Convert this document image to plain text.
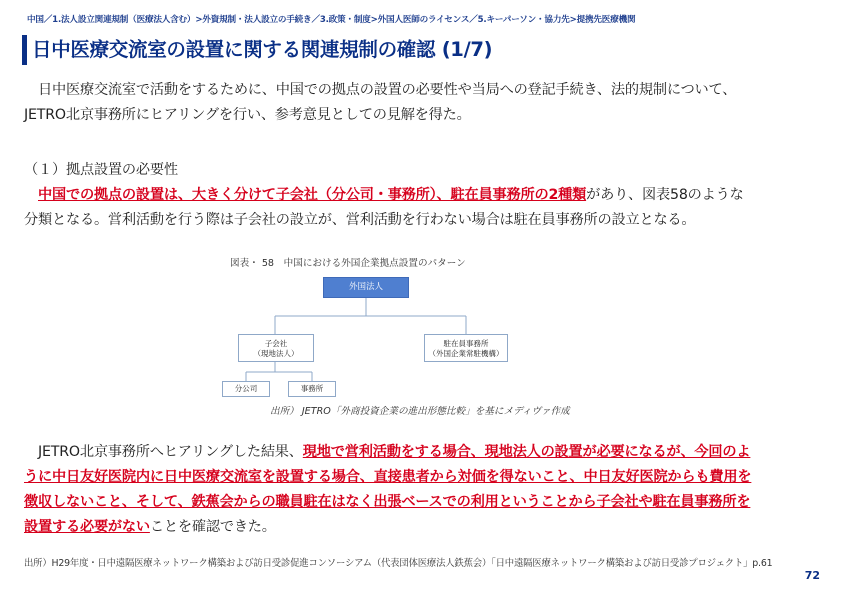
中国／1.法人設立関連規制（医療法人含む）>外資規制・法人設立の手続き／3.政策・制度>外国人医師のライセンス／5.キーパーソン・協力先>提携先医療機関
日中医療交流室の設置に関する関連規制の確認 (1/7)
　日中医療交流室で活動をするために、中国での拠点の設置の必要性や当局への登記手続き、法的規制について、
JETRO北京事務所にヒアリングを行い、参考意見としての見解を得た。
（１）拠点設置の必要性
　中国での拠点の設置は、大きく分けて子会社（分公司・事務所）、駐在員事務所の2種類があり、図表58のような
分類となる。営利活動を行う際は子会社の設立が、営利活動を行わない場合は駐在員事務所の設立となる。
図表・ 58　中国における外国企業拠点設置のパターン
外国法人
子会社
（現地法人）
駐在員事務所
（外国企業常駐機構）
分公司	事務所
出所） JETRO「外商投資企業の進出形態比較」を基にメディヴァ作成
　JETRO北京事務所へヒアリングした結果、現地で営利活動をする場合、現地法人の設置が必要になるが、今回のよ
うに中日友好医院内に日中医療交流室を設置する場合、直接患者から対価を得ないこと、中日友好医院からも費用を
徴収しないこと、そして、鉄蕉会からの職員駐在はなく出張ベースでの利用ということから子会社や駐在員事務所を
設置する必要がないことを確認できた。
出所）H29年度・日中遠隔医療ネットワーク構築および訪日受診促進コンソーシアム（代表団体医療法人鉄蕉会）「日中遠隔医療ネットワーク構築および訪日受診プロジェクト」p.61
72
